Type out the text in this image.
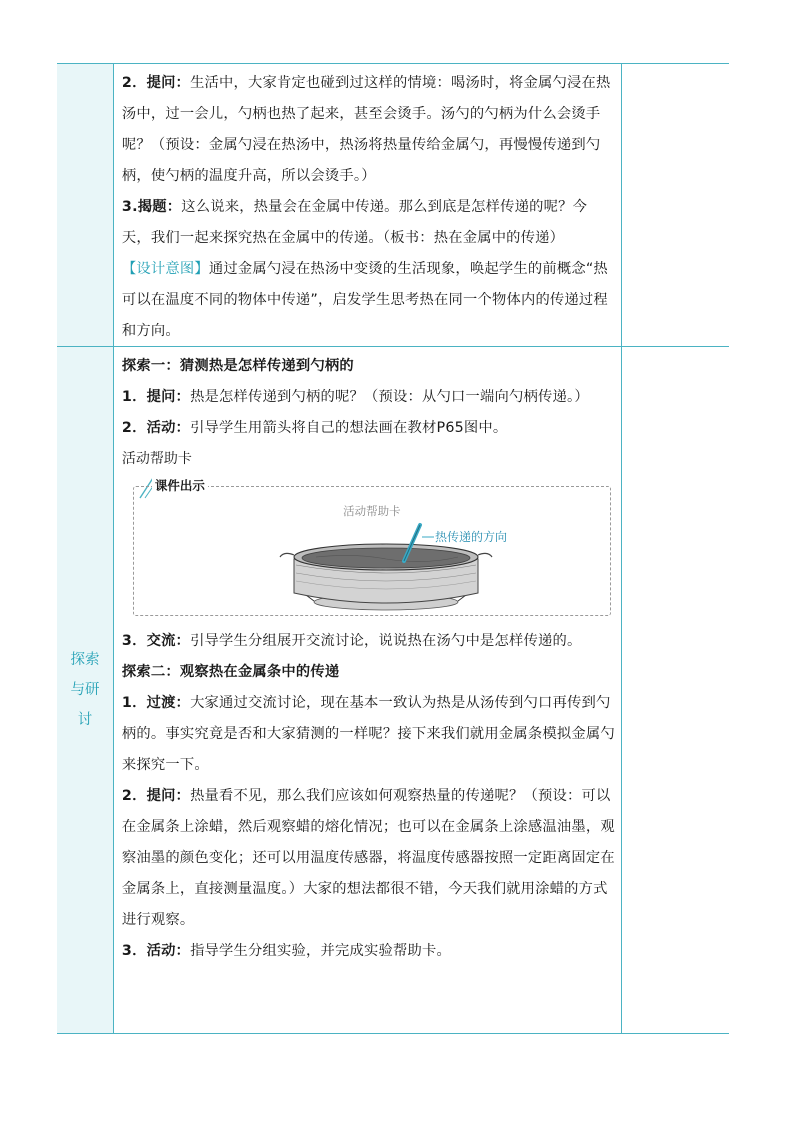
2．提问：生活中，大家肯定也碰到过这样的情境：喝汤时，将金属勺浸在热汤中，过一会儿，勺柄也热了起来，甚至会烫手。汤勺的勺柄为什么会烫手呢？（预设：金属勺浸在热汤中，热汤将热量传给金属勺，再慢慢传递到勺柄，使勺柄的温度升高，所以会烫手。）

3.揭题：这么说来，热量会在金属中传递。那么到底是怎样传递的呢？今天，我们一起来探究热在金属中的传递。（板书：热在金属中的传递）

【设计意图】通过金属勺浸在热汤中变烫的生活现象，唤起学生的前概念“热可以在温度不同的物体中传递”，启发学生思考热在同一个物体内的传递过程和方向。

探索
与研
讨

探索一：猜测热是怎样传递到勺柄的

1．提问：热是怎样传递到勺柄的呢？（预设：从勺口一端向勺柄传递。）

2．活动：引导学生用箭头将自己的想法画在教材P65图中。

活动帮助卡

活动帮助卡
热传递的方向
课件出示

3．交流：引导学生分组展开交流讨论，说说热在汤勺中是怎样传递的。

探索二：观察热在金属条中的传递

1．过渡：大家通过交流讨论，现在基本一致认为热是从汤传到勺口再传到勺柄的。事实究竟是否和大家猜测的一样呢？接下来我们就用金属条模拟金属勺来探究一下。

2．提问：热量看不见，那么我们应该如何观察热量的传递呢？（预设：可以在金属条上涂蜡，然后观察蜡的熔化情况；也可以在金属条上涂感温油墨，观察油墨的颜色变化；还可以用温度传感器，将温度传感器按照一定距离固定在金属条上，直接测量温度。）大家的想法都很不错，今天我们就用涂蜡的方式进行观察。

3．活动：指导学生分组实验，并完成实验帮助卡。
